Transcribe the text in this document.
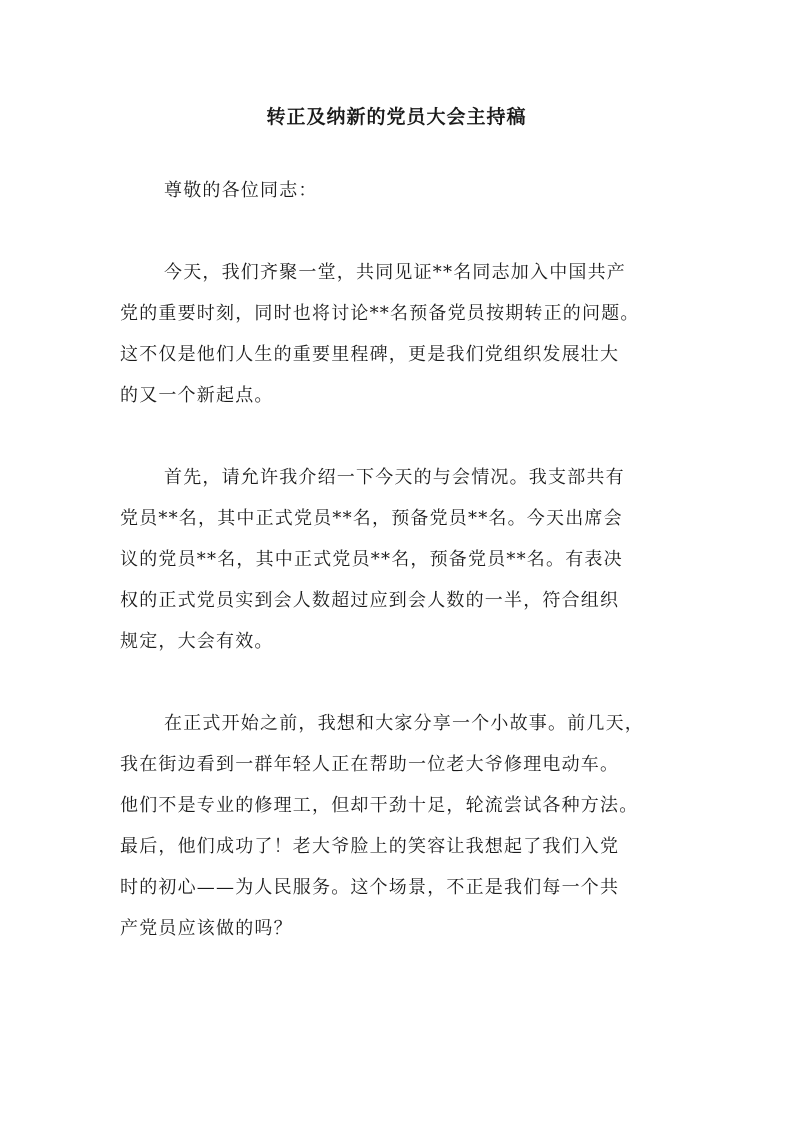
转正及纳新的党员大会主持稿

尊敬的各位同志：

今天，我们齐聚一堂，共同见证**名同志加入中国共产
党的重要时刻，同时也将讨论**名预备党员按期转正的问题。
这不仅是他们人生的重要里程碑，更是我们党组织发展壮大
的又一个新起点。

首先，请允许我介绍一下今天的与会情况。我支部共有
党员**名，其中正式党员**名，预备党员**名。今天出席会
议的党员**名，其中正式党员**名，预备党员**名。有表决
权的正式党员实到会人数超过应到会人数的一半，符合组织
规定，大会有效。

在正式开始之前，我想和大家分享一个小故事。前几天，
我在街边看到一群年轻人正在帮助一位老大爷修理电动车。
他们不是专业的修理工，但却干劲十足，轮流尝试各种方法。
最后，他们成功了！老大爷脸上的笑容让我想起了我们入党
时的初心——为人民服务。这个场景，不正是我们每一个共
产党员应该做的吗？
